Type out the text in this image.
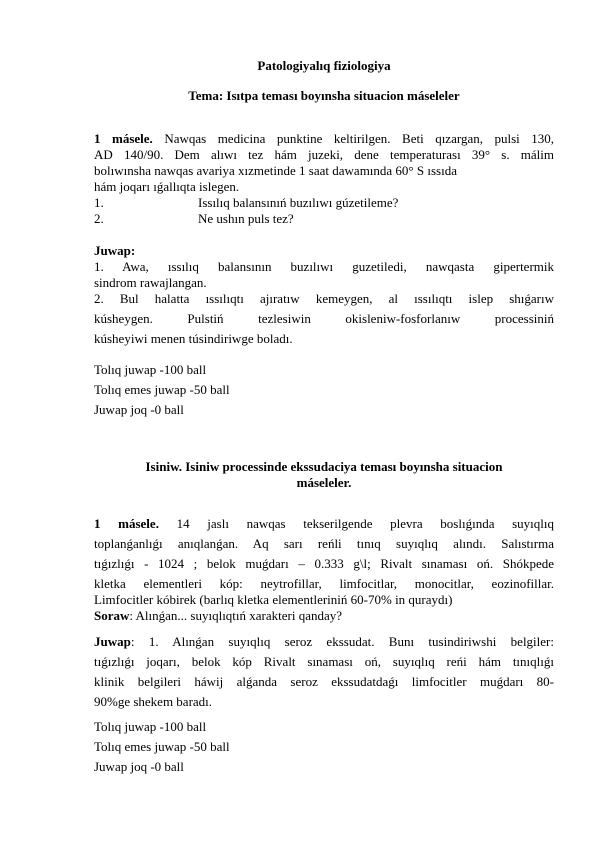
Patologiyalıq fiziologiya
Tema: Isıtpa teması boyınsha situacion máseleler
1 másele. Nawqas medicina punktine keltirilgen. Beti qızargan, pulsi 130,
AD 140/90. Dem alıwı tez hám juzeki, dene temperaturası 39° s. málim
bolıwınsha nawqas avariya xızmetinde 1 saat dawamında 60° S ıssıda
hám joqarı ıǵallıqta islegen.
1.	Issılıq balansınıń buzılıwı gúzetileme?
2.	Ne ushın puls tez?
Juwap:
1. Awa, ıssılıq balansının buzılıwı guzetiledi, nawqasta gipertermik
sindrom rawajlangan.
2. Bul halatta ıssılıqtı ajıratıw kemeygen, al ıssılıqtı islep shıǵarıw
kúsheygen. Pulstiń tezlesiwin okisleniw-fosforlanıw processiniń
kúsheyiwi menen túsindiriwge boladı.
Tolıq juwap -100 ball
Tolıq emes juwap -50 ball
Juwap joq -0 ball
Isiniw. Isiniw processinde ekssudaciya teması boyınsha situacion
máseleler.
1 másele. 14 jaslı nawqas tekserilgende plevra boslıǵında suyıqlıq
toplanǵanlıǵı anıqlanǵan. Aq sarı reńli tınıq suyıqlıq alındı. Salıstırma
tıǵızlıǵı - 1024 ; belok muǵdarı – 0.333 g\l; Rivalt sınaması oń. Shókpede
kletka elementleri kóp: neytrofillar, limfocitlar, monocitlar, eozinofillar.
Limfocitler kóbirek (barlıq kletka elementleriniń 60-70% in quraydı)
Soraw: Alınǵan... suyıqlıqtıń xarakteri qanday?
Juwap: 1. Alınǵan suyıqlıq seroz ekssudat. Bunı tusindiriwshi belgiler:
tıǵızlıǵı joqarı, belok kóp Rivalt sınaması oń, suyıqlıq reńi hám tınıqlıǵı
klinik belgileri háwij alǵanda seroz ekssudatdaǵı limfocitler muǵdarı 80-
90%ge shekem baradı.
Tolıq juwap -100 ball
Tolıq emes juwap -50 ball
Juwap joq -0 ball
